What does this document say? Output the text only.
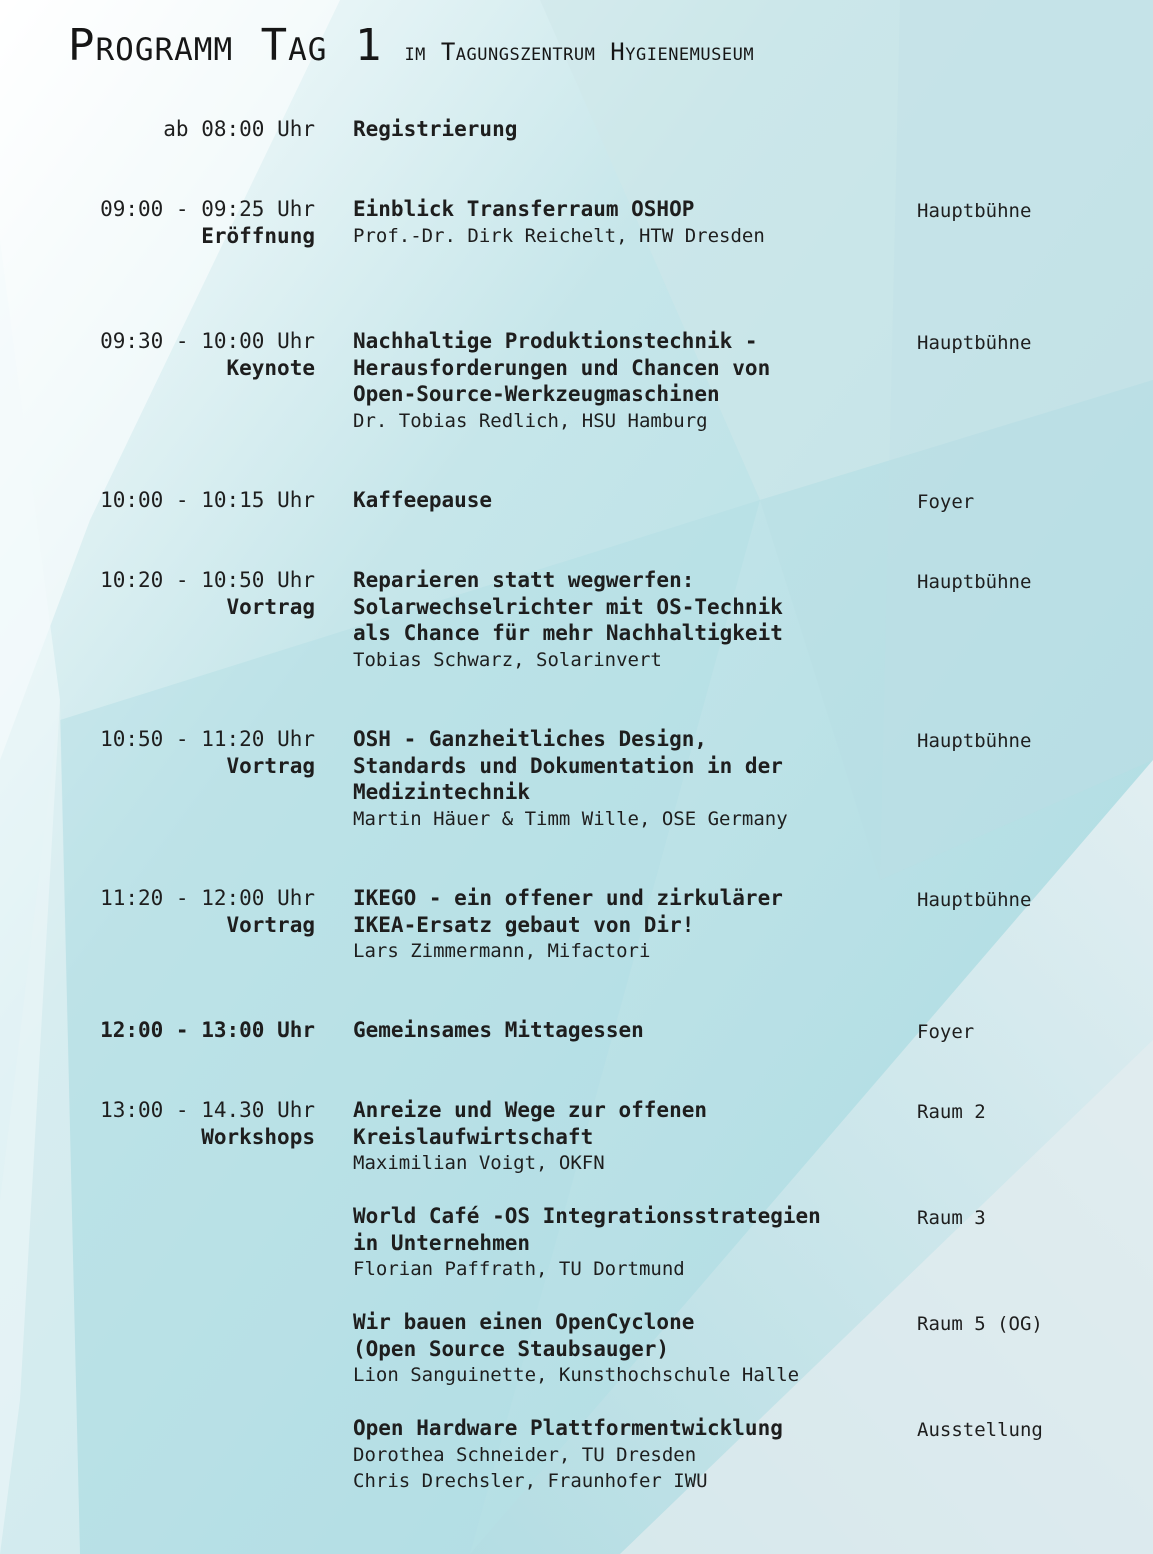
Programm Tag 1 im Tagungszentrum Hygienemuseum
ab 08:00 Uhr Registrierung
09:00 - 09:25 Uhr
Eröffnung
Einblick Transferraum OSHOP
Prof.-Dr. Dirk Reichelt, HTW Dresden
Hauptbühne
09:30 - 10:00 Uhr
Keynote
Nachhaltige Produktionstechnik -
Herausforderungen und Chancen von
Open-Source-Werkzeugmaschinen
Dr. Tobias Redlich, HSU Hamburg
Hauptbühne
10:00 - 10:15 Uhr Kaffeepause	Foyer
10:20 - 10:50 Uhr
Vortrag
Reparieren statt wegwerfen:
Solarwechselrichter mit OS-Technik
als Chance für mehr Nachhaltigkeit
Tobias Schwarz, Solarinvert
Hauptbühne
10:50 - 11:20 Uhr
Vortrag
OSH - Ganzheitliches Design,
Standards und Dokumentation in der
Medizintechnik
Martin Häuer & Timm Wille, OSE Germany
Hauptbühne
11:20 - 12:00 Uhr
Vortrag
IKEGO - ein offener und zirkulärer
IKEA-Ersatz gebaut von Dir!
Lars Zimmermann, Mifactori
Hauptbühne
12:00 - 13:00 Uhr Gemeinsames Mittagessen	Foyer
13:00 - 14.30 Uhr
Workshops
Anreize und Wege zur offenen
Kreislaufwirtschaft
Maximilian Voigt, OKFN
Raum 2
World Café -OS Integrationsstrategien
in Unternehmen
Florian Paffrath, TU Dortmund
Raum 3
Wir bauen einen OpenCyclone
(Open Source Staubsauger)
Lion Sanguinette, Kunsthochschule Halle
Raum 5 (OG)
Open Hardware Plattformentwicklung
Dorothea Schneider, TU Dresden
Chris Drechsler, Fraunhofer IWU
Ausstellung
